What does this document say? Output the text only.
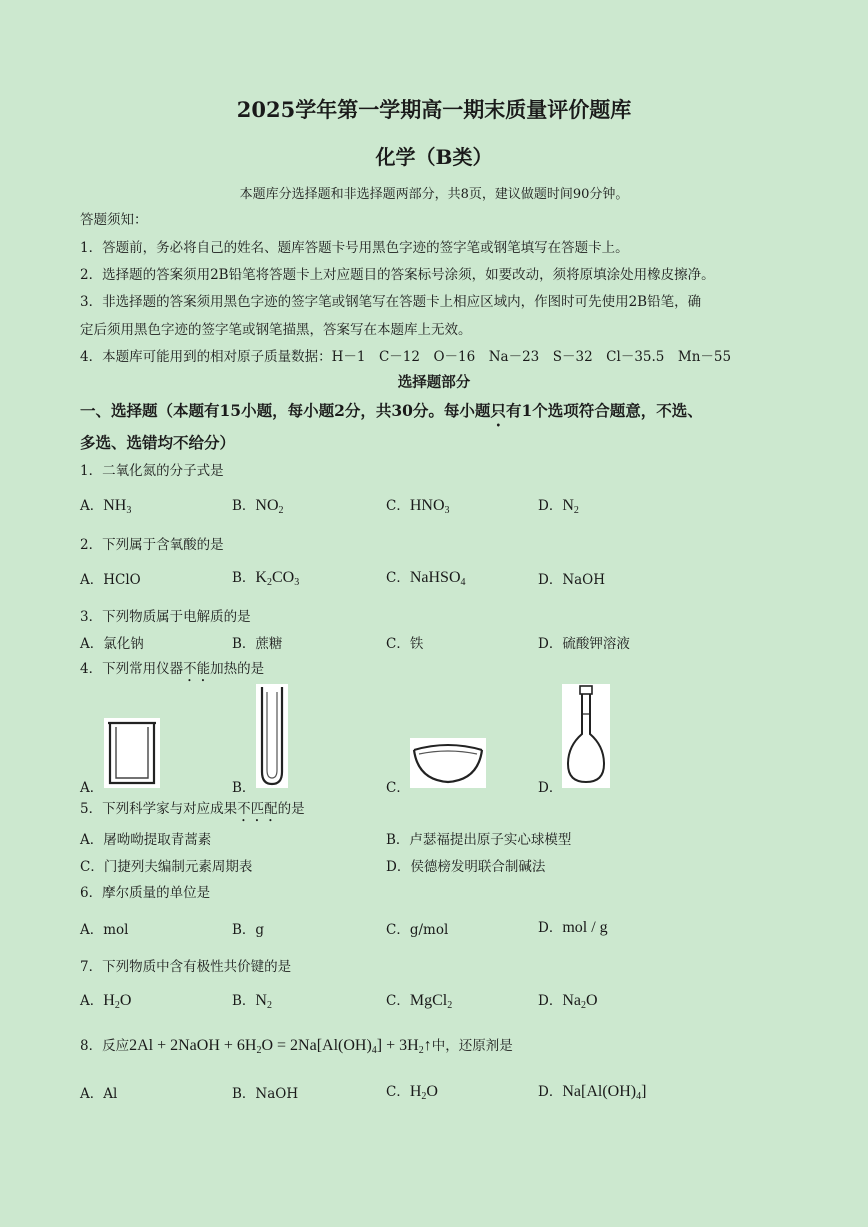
2025学年第一学期高一期末质量评价题库
化学（B类）
本题库分选择题和非选择题两部分，共8页，建议做题时间90分钟。
答题须知：
1．答题前，务必将自己的姓名、题库答题卡号用黑色字迹的签字笔或钢笔填写在答题卡上。
2．选择题的答案须用2B铅笔将答题卡上对应题目的答案标号涂须，如要改动，须将原填涂处用橡皮擦净。
3．非选择题的答案须用黑色字迹的签字笔或钢笔写在答题卡上相应区域内，作图时可先使用2B铅笔，确
定后须用黑色字迹的签字笔或钢笔描黑，答案写在本题库上无效。
4．本题库可能用到的相对原子质量数据：H－1　C－12　O－16　Na－23　S－32　Cl－35.5　Mn－55
选择题部分
一、选择题（本题有15小题，每小题2分，共30分。每小题只有1个选项符合题意，不选、
多选、选错均不给分）
1．二氧化氮的分子式是
A．$NH_3$	B．$NO_2$	C．$HNO_3$	D．$N_2$
2．下列属于含氧酸的是
A．HClO	B．$K_2CO_3$	C．NaHSO$_4$	D．NaOH
3．下列物质属于电解质的是
A．氯化钠	B．蔗糖	C．铁	D．硫酸钾溶液
4．下列常用仪器不能加热的是
A．	B．	C．	D．
5．下列科学家与对应成果不匹配的是
A．屠呦呦提取青蒿素	B．卢瑟福提出原子实心球模型
C．门捷列夫编制元素周期表	D．侯德榜发明联合制碱法
6．摩尔质量的单位是
A．mol	B．g	C．g/mol	D．mol / g
7．下列物质中含有极性共价键的是
A．$H_2O$	B．$N_2$	C．MgCl$_2$	D．$Na_2O$
8．反应2Al + 2NaOH + $6H_2O = 2Na[Al(OH)_4]$ + $3H_2↑$中，还原剂是
A．Al	B．NaOH	C．$H_2O$	D．$Na[Al(OH)_4]$
